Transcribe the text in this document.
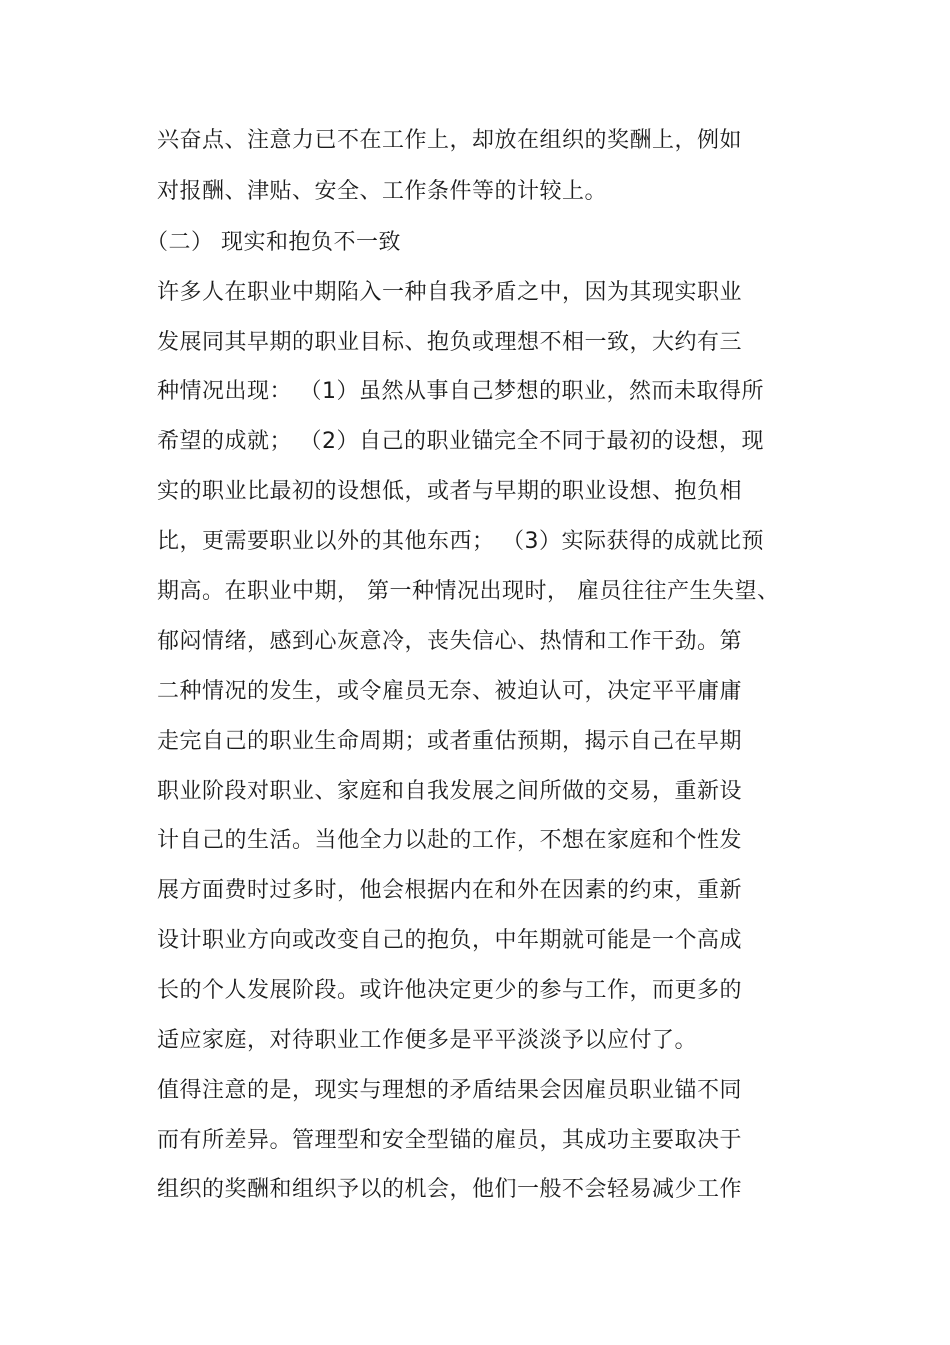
兴奋点、注意力已不在工作上，却放在组织的奖酬上，例如
对报酬、津贴、安全、工作条件等的计较上。
（二） 现实和抱负不一致
许多人在职业中期陷入一种自我矛盾之中，因为其现实职业
发展同其早期的职业目标、抱负或理想不相一致，大约有三
种情况出现： （1）虽然从事自己梦想的职业，然而未取得所
希望的成就； （2）自己的职业锚完全不同于最初的设想，现
实的职业比最初的设想低，或者与早期的职业设想、抱负相
比，更需要职业以外的其他东西； （3）实际获得的成就比预
期高。在职业中期， 第一种情况出现时， 雇员往往产生失望、
郁闷情绪，感到心灰意冷，丧失信心、热情和工作干劲。第
二种情况的发生，或令雇员无奈、被迫认可，决定平平庸庸
走完自己的职业生命周期；或者重估预期，揭示自己在早期
职业阶段对职业、家庭和自我发展之间所做的交易，重新设
计自己的生活。当他全力以赴的工作，不想在家庭和个性发
展方面费时过多时，他会根据内在和外在因素的约束，重新
设计职业方向或改变自己的抱负，中年期就可能是一个高成
长的个人发展阶段。或许他决定更少的参与工作，而更多的
适应家庭，对待职业工作便多是平平淡淡予以应付了。
值得注意的是，现实与理想的矛盾结果会因雇员职业锚不同
而有所差异。管理型和安全型锚的雇员，其成功主要取决于
组织的奖酬和组织予以的机会，他们一般不会轻易减少工作
